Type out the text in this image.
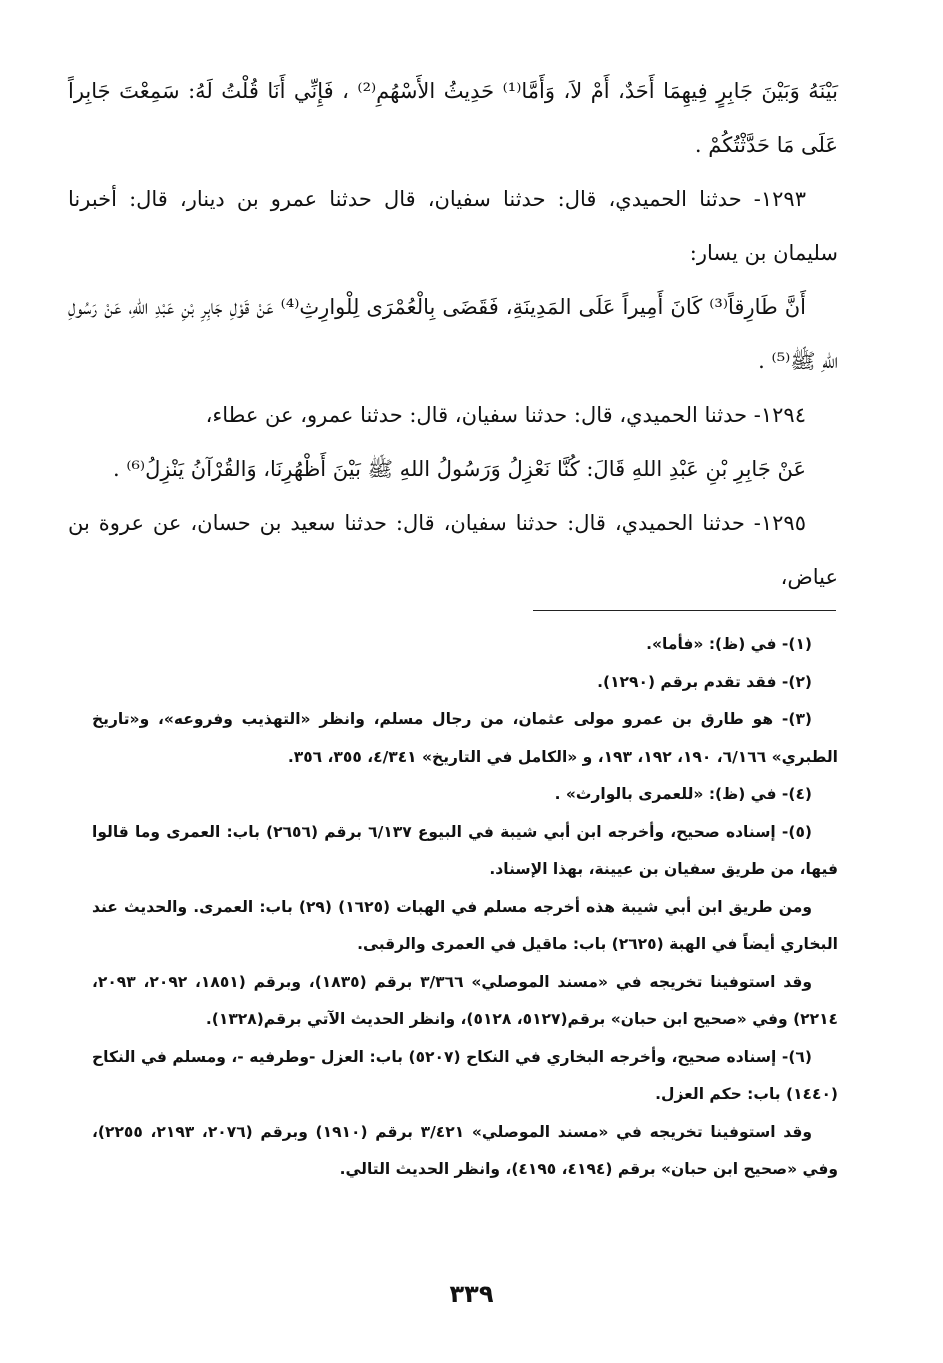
بَيْنَهُ وَبَيْنَ جَابِرٍ فِيهِمَا أَحَدٌ، أَمْ لاَ، وَأَمَّا⁽¹⁾ حَدِيثُ الأَسْهُمِ⁽²⁾ ، فَإِنِّي أَنَا قُلْتُ لَهُ: سَمِعْتَ جَابِراً عَلَى مَا حَدَّثْتُكُمْ .

١٢٩٣- حدثنا الحميدي، قال: حدثنا سفيان، قال حدثنا عمرو بن دينار، قال: أخبرنا سليمان بن يسار:

أَنَّ طَارِقاً⁽³⁾ كَانَ أَمِيراً عَلَى المَدِينَةِ، فَقَضَى بِالْعُمْرَى لِلْوارِثِ⁽⁴⁾ عَنْ قَوْلِ جَابِرِ بْنِ عَبْدِ اللهِ، عَنْ رَسُولِ اللهِ ﷺ⁽⁵⁾ .

١٢٩٤- حدثنا الحميدي، قال: حدثنا سفيان، قال: حدثنا عمرو، عن عطاء،

عَنْ جَابِرِ بْنِ عَبْدِ اللهِ قَالَ: كُنَّا نَعْزِلُ وَرَسُولُ اللهِ ﷺ بَيْنَ أَظْهُرِنَا، وَالقُرْآنُ يَنْزِلُ⁽⁶⁾ .

١٢٩٥- حدثنا الحميدي، قال: حدثنا سفيان، قال: حدثنا سعيد بن حسان، عن عروة بن عياض،

(١)- في (ظ): «فأما».

(٢)- فقد تقدم برقم (١٢٩٠).

(٣)- هو طارق بن عمرو مولى عثمان، من رجال مسلم، وانظر «التهذيب وفروعه»، و«تاريخ الطبري» ٦/١٦٦، ١٩٠، ١٩٢، ١٩٣، و «الكامل في التاريخ» ٤/٣٤١، ٣٥٥، ٣٥٦.

(٤)- في (ظ): «للعمرى بالوارث» .

(٥)- إسناده صحيح، وأخرجه ابن أبي شيبة في البيوع ٦/١٣٧ برقم (٢٦٥٦) باب: العمرى وما قالوا فيها، من طريق سفيان بن عيينة، بهذا الإسناد.

ومن طريق ابن أبي شيبة هذه أخرجه مسلم في الهبات (١٦٢٥) (٢٩) باب: العمرى. والحديث عند البخاري أيضاً في الهبة (٢٦٢٥) باب: ماقيل في العمرى والرقبى.

وقد استوفينا تخريجه في «مسند الموصلي» ٣/٣٦٦ برقم (١٨٣٥)، وبرقم (١٨٥١، ٢٠٩٢، ٢٠٩٣، ٢٢١٤) وفي «صحيح ابن حبان» برقم(٥١٢٧، ٥١٢٨)، وانظر الحديث الآتي برقم(١٣٢٨).

(٦)- إسناده صحيح، وأخرجه البخاري في النكاح (٥٢٠٧) باب: العزل -وطرفيه -، ومسلم في النكاح (١٤٤٠) باب: حكم العزل.

وقد استوفينا تخريجه في «مسند الموصلي» ٣/٤٢١ برقم (١٩١٠) وبرقم (٢٠٧٦، ٢١٩٣، ٢٢٥٥)، وفي «صحيح ابن حبان» برقم (٤١٩٤، ٤١٩٥)، وانظر الحديث التالي.

٣٣٩
